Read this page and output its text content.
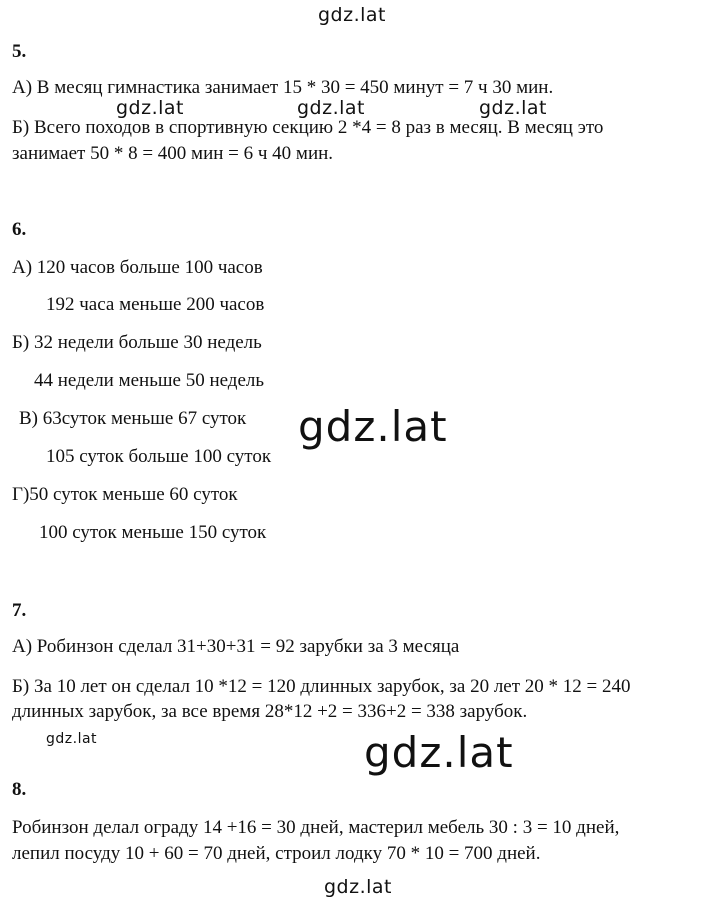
gdz.lat
gdz.lat	gdz.lat	gdz.lat
gdz.lat
gdz.lat	gdz.lat
gdz.lat
5.
А) В месяц гимнастика занимает 15 * 30 = 450 минут = 7 ч 30 мин.
Б) Всего походов в спортивную секцию 2 *4 = 8 раз в месяц. В месяц это
занимает 50 * 8 = 400 мин = 6 ч 40 мин.
6.
А) 120 часов больше 100 часов
192 часа меньше 200 часов
Б) 32 недели больше 30 недель
44 недели меньше 50 недель
В) 63суток меньше 67 суток
105 суток больше 100 суток
Г)50 суток меньше 60 суток
100 суток меньше 150 суток
7.
А) Робинзон сделал 31+30+31 = 92 зарубки за 3 месяца
Б) За 10 лет он сделал 10 *12 = 120 длинных зарубок, за 20 лет 20 * 12 = 240
длинных зарубок, за все время 28*12 +2 = 336+2 = 338 зарубок.
8.
Робинзон делал ограду 14 +16 = 30 дней, мастерил мебель 30 : 3 = 10 дней,
лепил посуду 10 + 60 = 70 дней, строил лодку 70 * 10 = 700 дней.
